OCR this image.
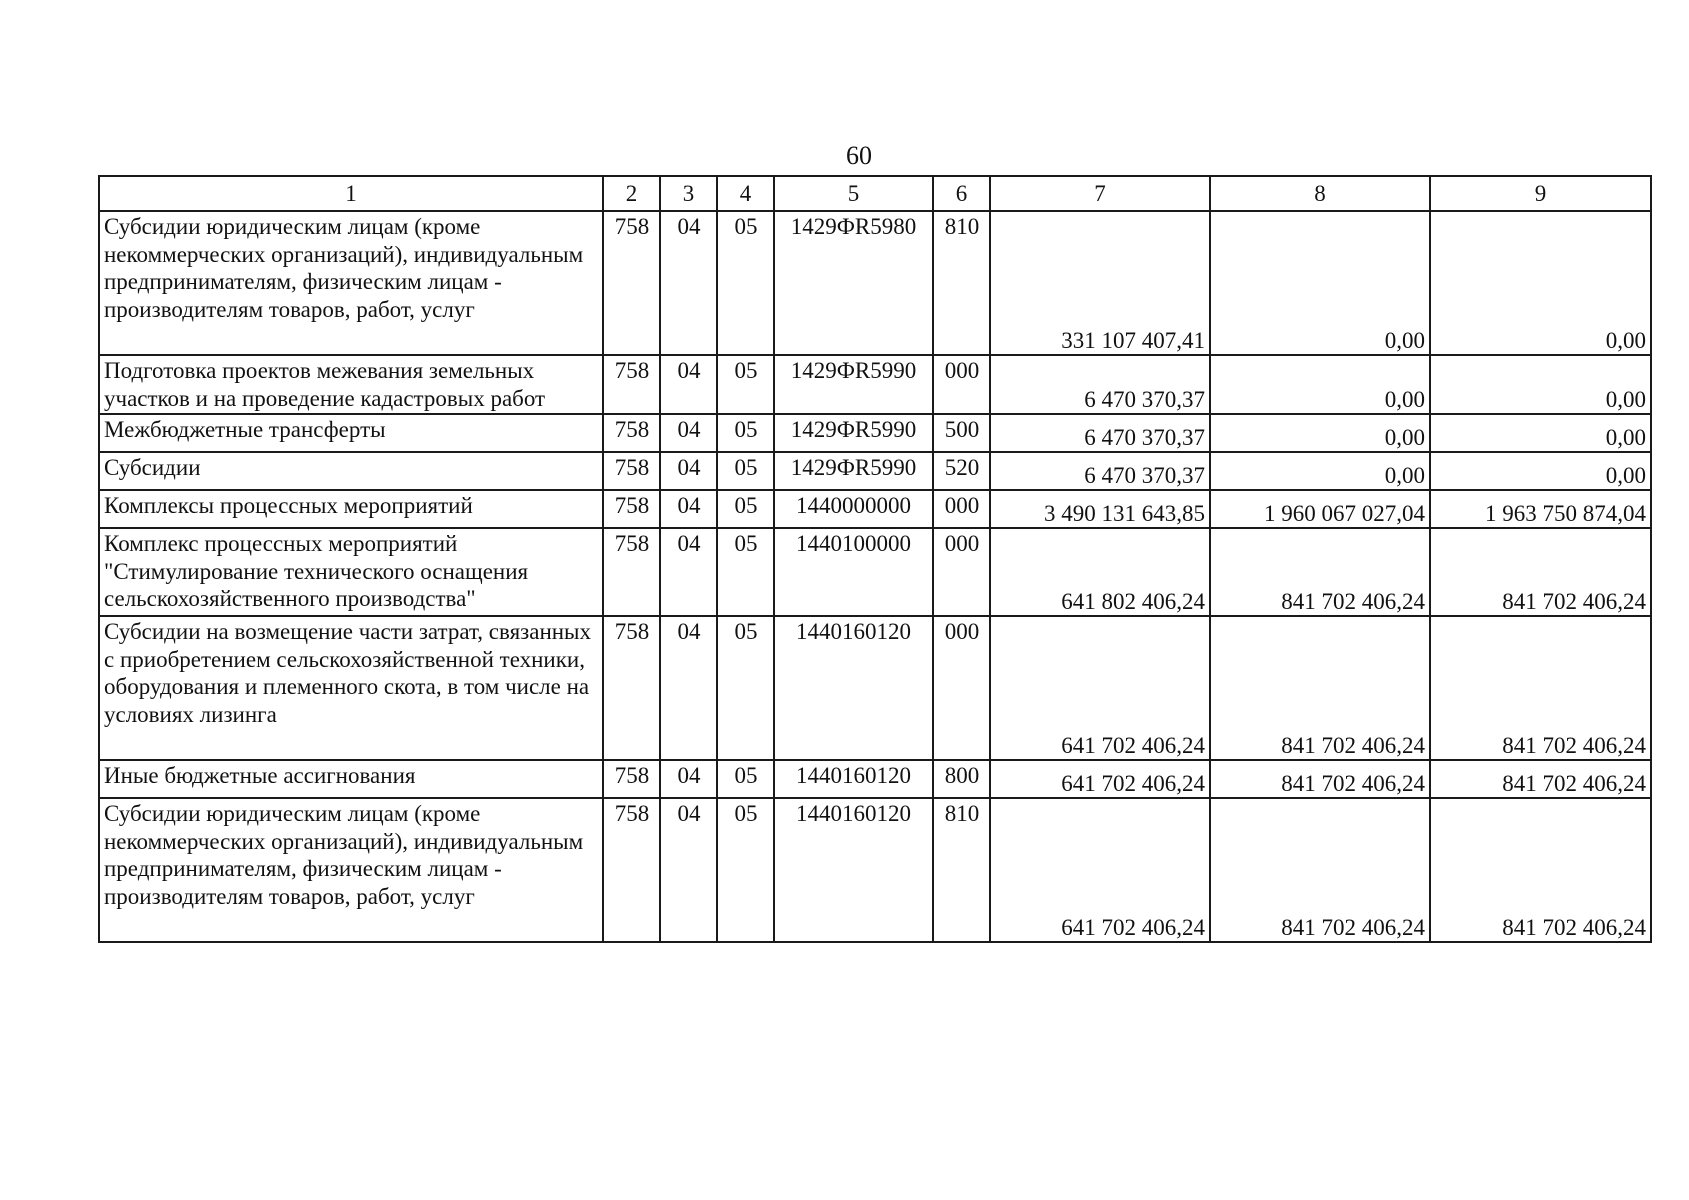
60
1	2	3	4	5	6	7	8	9
Субсидии юридическим лицам (кроме некоммерческих организаций), индивидуальным предпринимателям, физическим лицам - производителям товаров, работ, услуг	758	04	05	1429ФR5980	810	331 107 407,41	0,00	0,00
Подготовка проектов межевания земельных участков и на проведение кадастровых работ	758	04	05	1429ФR5990	000	6 470 370,37	0,00	0,00
Межбюджетные трансферты	758	04	05	1429ФR5990	500	6 470 370,37	0,00	0,00
Субсидии	758	04	05	1429ФR5990	520	6 470 370,37	0,00	0,00
Комплексы процессных мероприятий	758	04	05	1440000000	000	3 490 131 643,85	1 960 067 027,04	1 963 750 874,04
Комплекс процессных мероприятий "Стимулирование технического оснащения сельскохозяйственного производства"	758	04	05	1440100000	000	641 802 406,24	841 702 406,24	841 702 406,24
Субсидии на возмещение части затрат, связанных с приобретением сельскохозяйственной техники, оборудования и племенного скота, в том числе на условиях лизинга	758	04	05	1440160120	000	641 702 406,24	841 702 406,24	841 702 406,24
Иные бюджетные ассигнования	758	04	05	1440160120	800	641 702 406,24	841 702 406,24	841 702 406,24
Субсидии юридическим лицам (кроме некоммерческих организаций), индивидуальным предпринимателям, физическим лицам - производителям товаров, работ, услуг	758	04	05	1440160120	810	641 702 406,24	841 702 406,24	841 702 406,24
